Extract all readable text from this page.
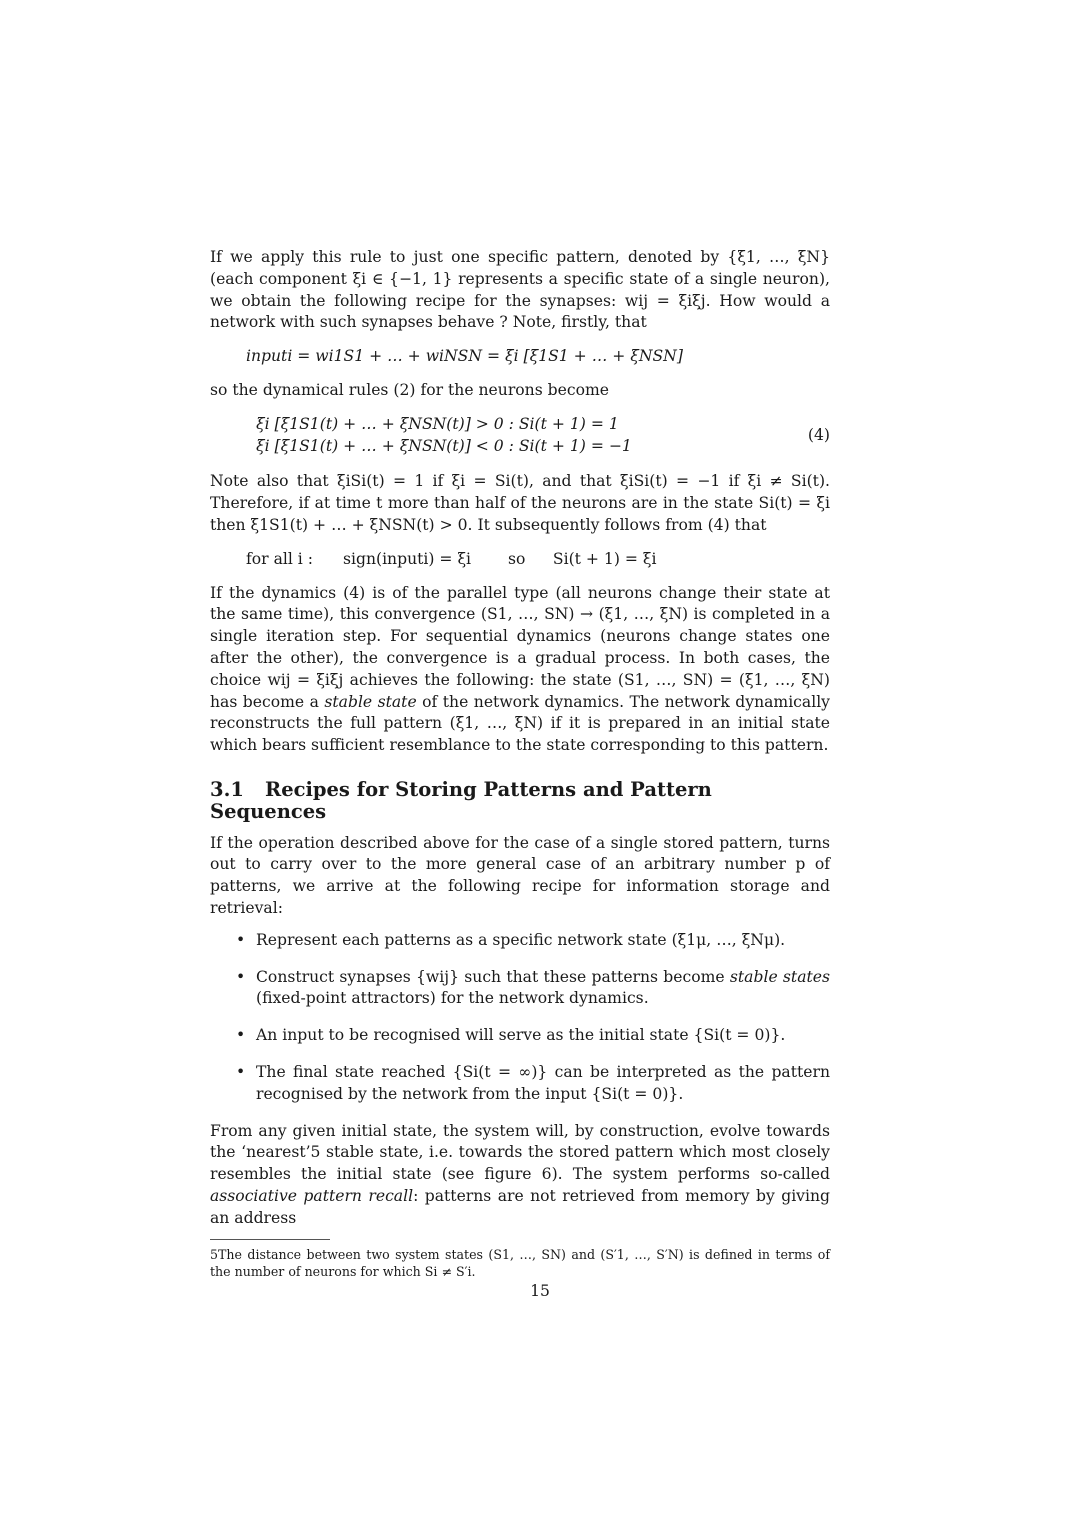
If we apply this rule to just one specific pattern, denoted by {ξ1, …, ξN} (each component ξi ∈ {−1, 1} represents a specific state of a single neuron), we obtain the following recipe for the synapses: wij = ξiξj. How would a network with such synapses behave ? Note, firstly, that

inputi = wi1S1 + … + wiNSN = ξi [ξ1S1 + … + ξNSN]

so the dynamical rules (2) for the neurons become

ξi [ξ1S1(t) + … + ξNSN(t)] > 0 : Si(t + 1) = 1
ξi [ξ1S1(t) + … + ξNSN(t)] < 0 : Si(t + 1) = −1
(4)

Note also that ξiSi(t) = 1 if ξi = Si(t), and that ξiSi(t) = −1 if ξi ≠ Si(t). Therefore, if at time t more than half of the neurons are in the state Si(t) = ξi then ξ1S1(t) + … + ξNSN(t) > 0. It subsequently follows from (4) that

for all i : sign(inputi) = ξi so Si(t + 1) = ξi

If the dynamics (4) is of the parallel type (all neurons change their state at the same time), this convergence (S1, …, SN) → (ξ1, …, ξN) is completed in a single iteration step. For sequential dynamics (neurons change states one after the other), the convergence is a gradual process. In both cases, the choice wij = ξiξj achieves the following: the state (S1, …, SN) = (ξ1, …, ξN) has become a stable state of the network dynamics. The network dynamically reconstructs the full pattern (ξ1, …, ξN) if it is prepared in an initial state which bears sufficient resemblance to the state corresponding to this pattern.

3.1 Recipes for Storing Patterns and Pattern Sequences

If the operation described above for the case of a single stored pattern, turns out to carry over to the more general case of an arbitrary number p of patterns, we arrive at the following recipe for information storage and retrieval:

• Represent each patterns as a specific network state (ξ1μ, …, ξNμ).
• Construct synapses {wij} such that these patterns become stable states (fixed-point attractors) for the network dynamics.
• An input to be recognised will serve as the initial state {Si(t = 0)}.
• The final state reached {Si(t = ∞)} can be interpreted as the pattern recognised by the network from the input {Si(t = 0)}.

From any given initial state, the system will, by construction, evolve towards the ‘nearest’5 stable state, i.e. towards the stored pattern which most closely resembles the initial state (see figure 6). The system performs so-called associative pattern recall: patterns are not retrieved from memory by giving an address

5The distance between two system states (S1, …, SN) and (S′1, …, S′N) is defined in terms of the number of neurons for which Si ≠ S′i.

15
